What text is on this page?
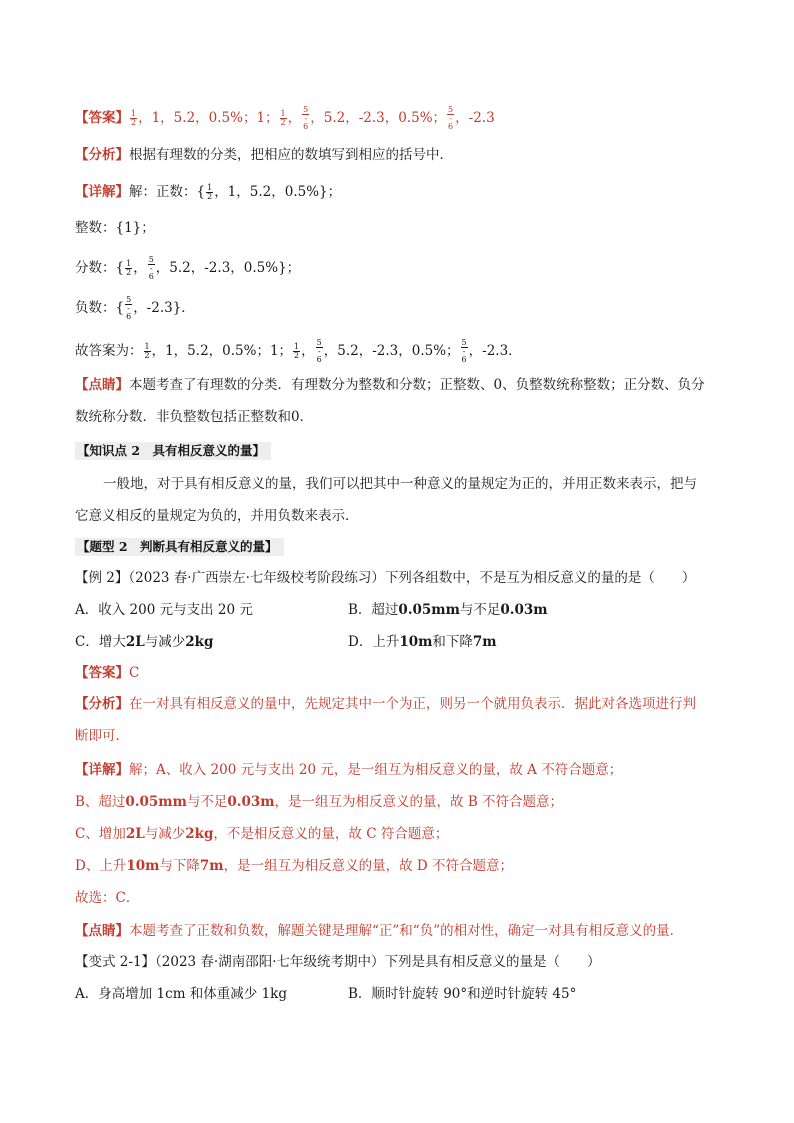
【答案】 $\frac{1}{2}$ ，1，5.2，0.5%；1； $\frac{1}{2}$ ， 5
-
6 ，5.2，-2.3，0.5%； 5
-
6 ，-2.3
【分析】根据有理数的分类，把相应的数填写到相应的括号中．
【详解】解：正数：{ $\frac{1}{2}$ ，1，5.2，0.5%}；
整数：{1}；
分数：{ $\frac{1}{2}$ ， 5
-
6 ，5.2，-2.3，0.5%}；
负数：{ 5
-
6 ，-2.3}．
故答案为： $\frac{1}{2}$ ，1，5.2，0.5%；1； $\frac{1}{2}$ ， 5
-
6 ，5.2，-2.3，0.5%； 5
-
6 ，-2.3．
【点睛】本题考查了有理数的分类．有理数分为整数和分数；正整数、0、负整数统称整数；正分数、负分
数统称分数．非负整数包括正整数和0．
【知识点 2　具有相反意义的量】
一般地，对于具有相反意义的量，我们可以把其中一种意义的量规定为正的，并用正数来表示，把与
它意义相反的量规定为负的，并用负数来表示．
【题型 2　判断具有相反意义的量】
【例 2】（2023 春·广西崇左·七年级校考阶段练习）下列各组数中，不是互为相反意义的量的是（　　）
A．收入 200 元与支出 20 元	B．超过0.05mm与不足0.03m
C．增大2L与减少2kg	D．上升10m和下降7m
【答案】C
【分析】在一对具有相反意义的量中，先规定其中一个为正，则另一个就用负表示．据此对各选项进行判
断即可．
【详解】解；A、收入 200 元与支出 20 元，是一组互为相反意义的量，故 A 不符合题意；
B、超过0.05mm与不足0.03m，是一组互为相反意义的量，故 B 不符合题意；
C、增加2L与减少2kg，不是相反意义的量，故 C 符合题意；
D、上升10m与下降7m，是一组互为相反意义的量，故 D 不符合题意；
故选：C．
【点睛】本题考查了正数和负数，解题关键是理解“正”和“负”的相对性，确定一对具有相反意义的量．
【变式 2-1】（2023 春·湖南邵阳·七年级统考期中）下列是具有相反意义的量是（　　）
A．身高增加 1cm 和体重减少 1kg	B．顺时针旋转 90°和逆时针旋转 45°
